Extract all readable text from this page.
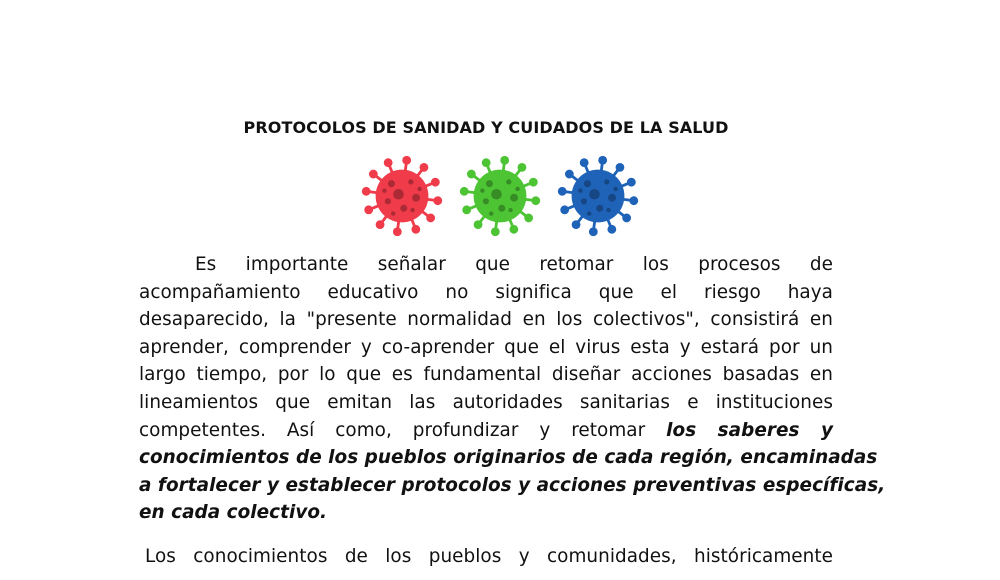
PROTOCOLOS DE SANIDAD Y CUIDADOS DE LA SALUD
Es importante señalar que retomar los procesos de
acompañamiento educativo no significa que el riesgo haya
desaparecido, la "presente normalidad en los colectivos", consistirá en
aprender, comprender y co-aprender que el virus esta y estará por un
largo tiempo, por lo que es fundamental diseñar acciones basadas en
lineamientos que emitan las autoridades sanitarias e instituciones
competentes. Así como, profundizar y retomar los saberes y
conocimientos de los pueblos originarios de cada región, encaminadas
a fortalecer y establecer protocolos y acciones preventivas específicas,
en cada colectivo.
Los conocimientos de los pueblos y comunidades, históricamente
